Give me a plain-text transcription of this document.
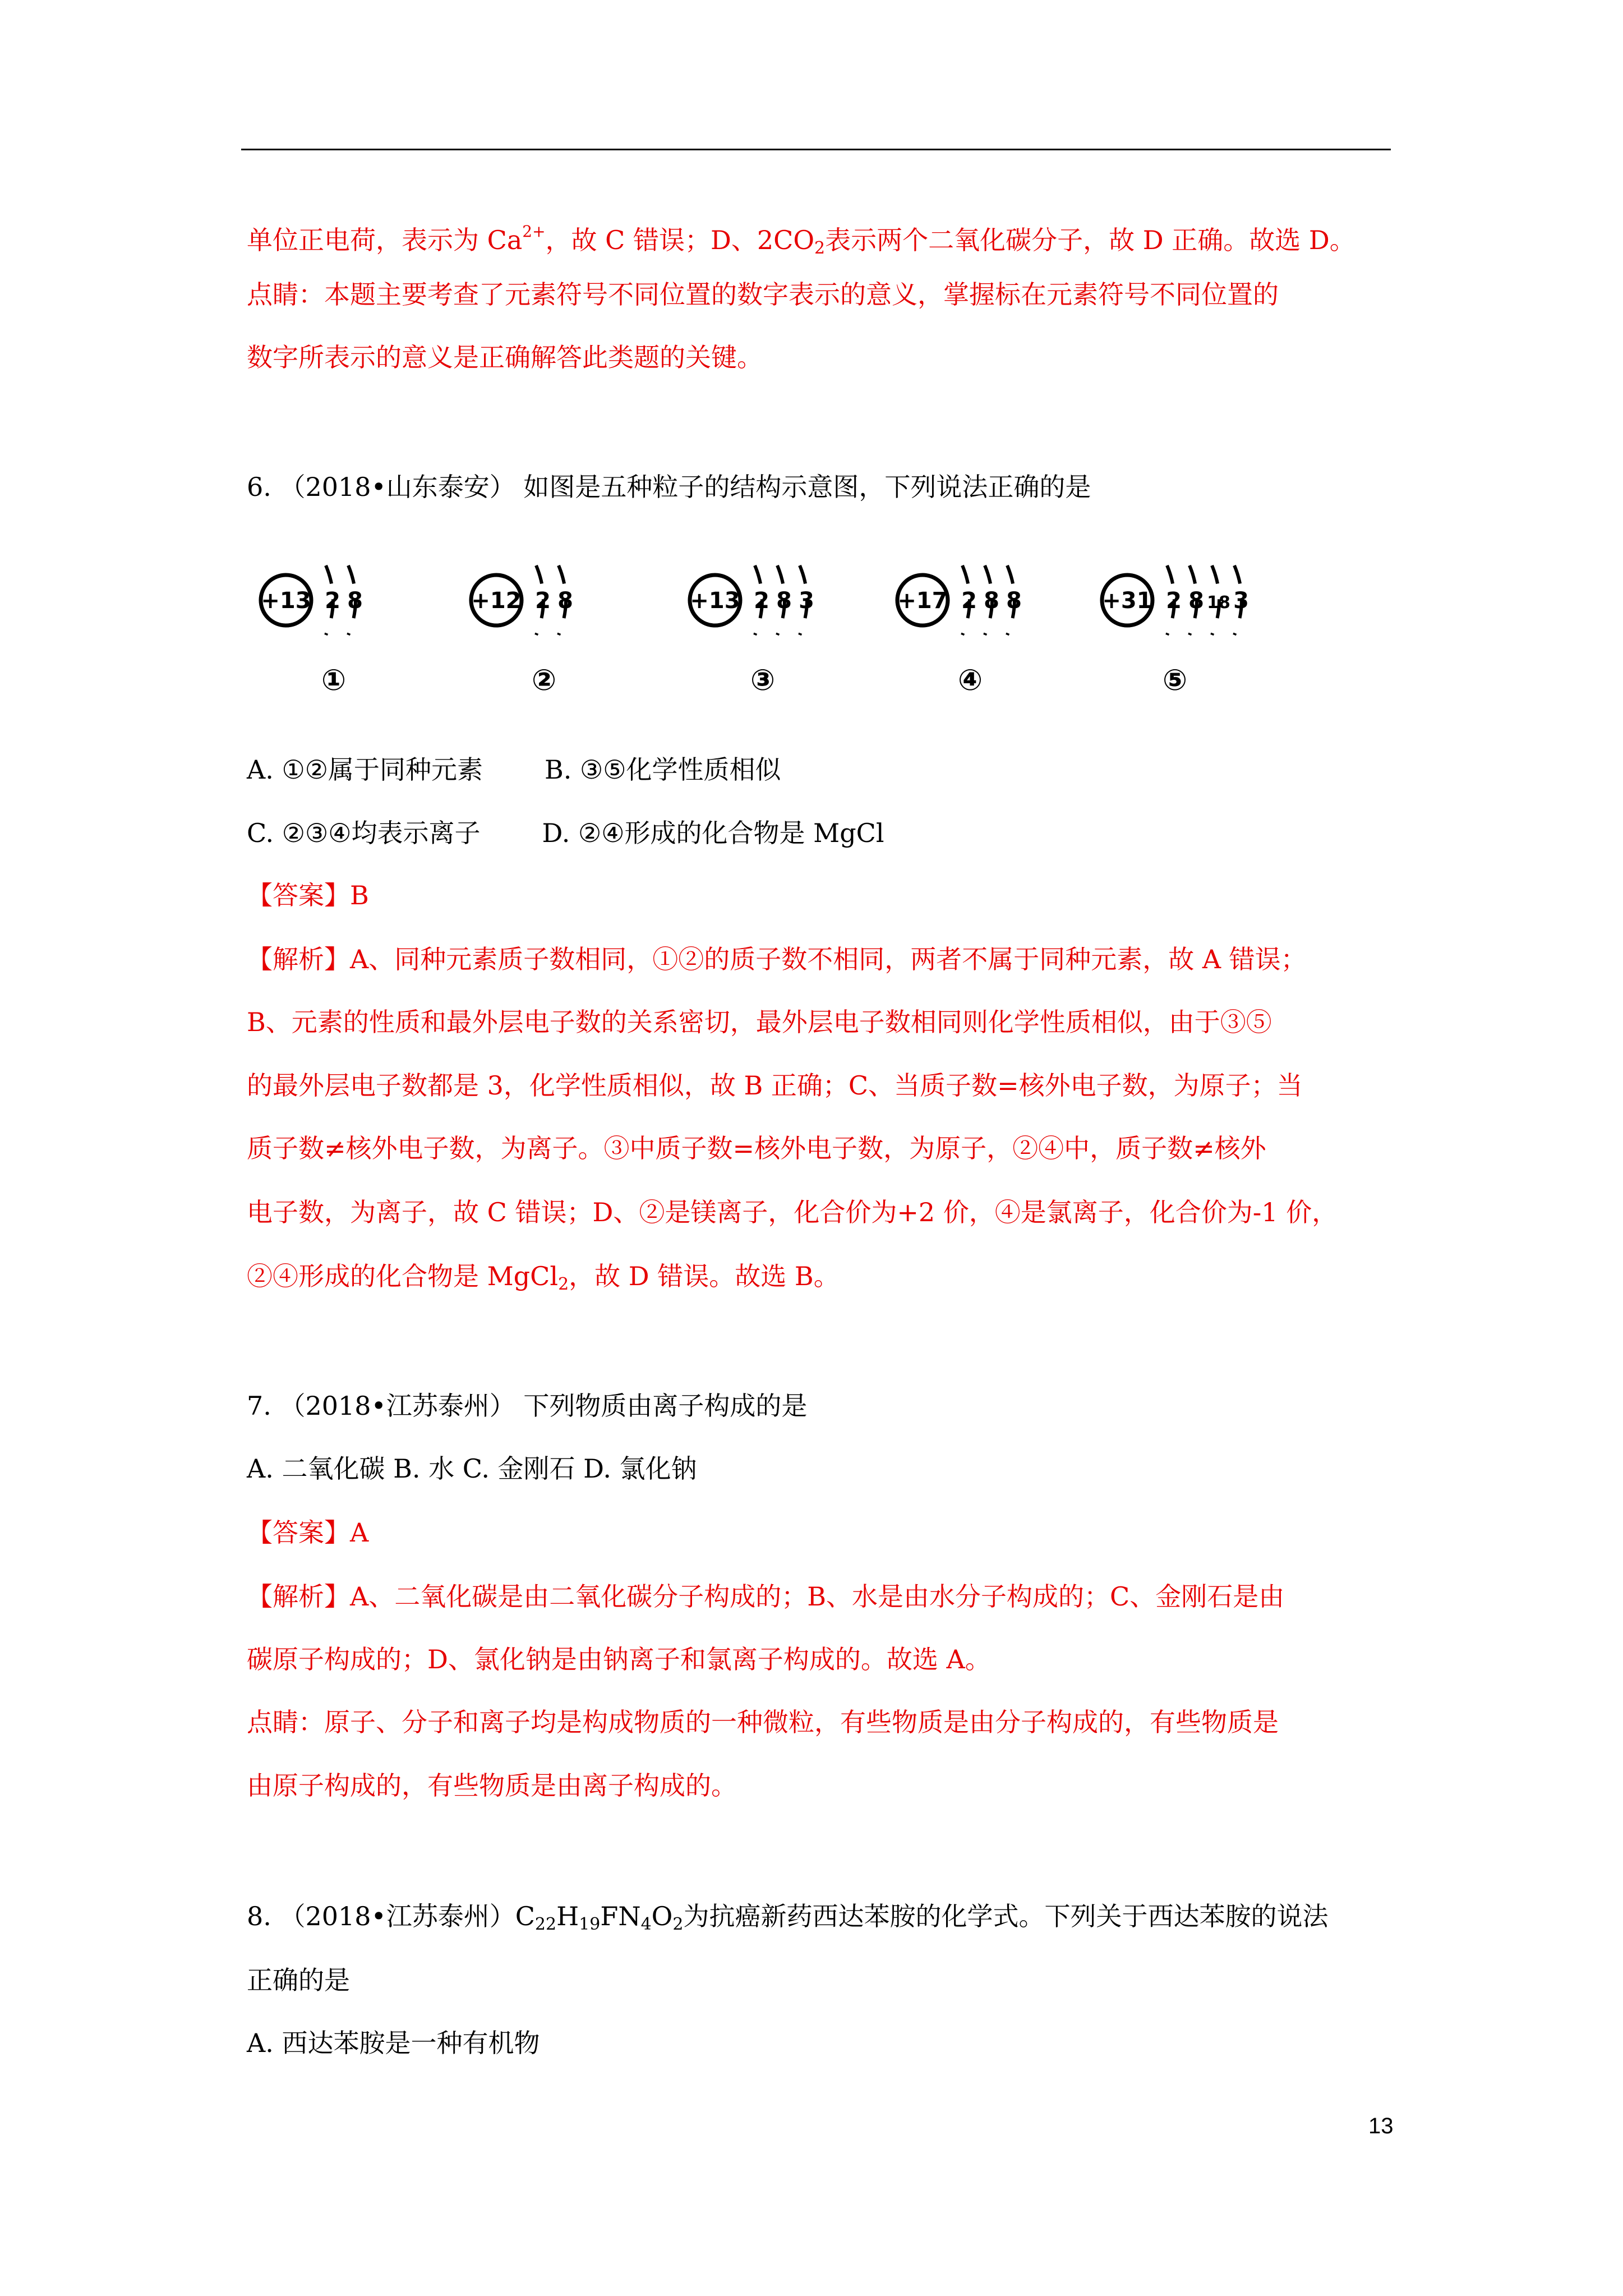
单位正电荷，表示为 $Ca^{2+}$，故 C 错误；D、$2CO_2$表示两个二氧化碳分子，故 D 正确。故选 D。
点睛：本题主要考查了元素符号不同位置的数字表示的意义，掌握标在元素符号不同位置的
数字所表示的意义是正确解答此类题的关键。
6. （2018•山东泰安） 如图是五种粒子的结构示意图，下列说法正确的是
+13 2 8
①
+12 2 8
②
+13 2 8 3
③
+17 2 8 8
④
+31 2 8 18 3
⑤
A. ①②属于同种元素 B. ③⑤化学性质相似
C. ②③④均表示离子 D. ②④形成的化合物是 MgCl
【答案】B
【解析】A、同种元素质子数相同，①②的质子数不相同，两者不属于同种元素，故 A 错误；
B、元素的性质和最外层电子数的关系密切，最外层电子数相同则化学性质相似，由于③⑤
的最外层电子数都是 3，化学性质相似，故 B 正确；C、当质子数=核外电子数，为原子；当
质子数≠核外电子数，为离子。③中质子数=核外电子数，为原子，②④中，质子数≠核外
电子数，为离子，故 C 错误；D、②是镁离子，化合价为+2 价，④是氯离子，化合价为-1 价，
②④形成的化合物是 MgCl$_2$，故 D 错误。故选 B。
7. （2018•江苏泰州） 下列物质由离子构成的是
A. 二氧化碳 B. 水 C. 金刚石 D. 氯化钠
【答案】A
【解析】A、二氧化碳是由二氧化碳分子构成的；B、水是由水分子构成的；C、金刚石是由
碳原子构成的；D、氯化钠是由钠离子和氯离子构成的。故选 A。
点睛：原子、分子和离子均是构成物质的一种微粒，有些物质是由分子构成的，有些物质是
由原子构成的，有些物质是由离子构成的。
8. （2018•江苏泰州）$C_{22}H_{19}FN_4O_2$为抗癌新药西达苯胺的化学式。下列关于西达苯胺的说法
正确的是
A. 西达苯胺是一种有机物
13
